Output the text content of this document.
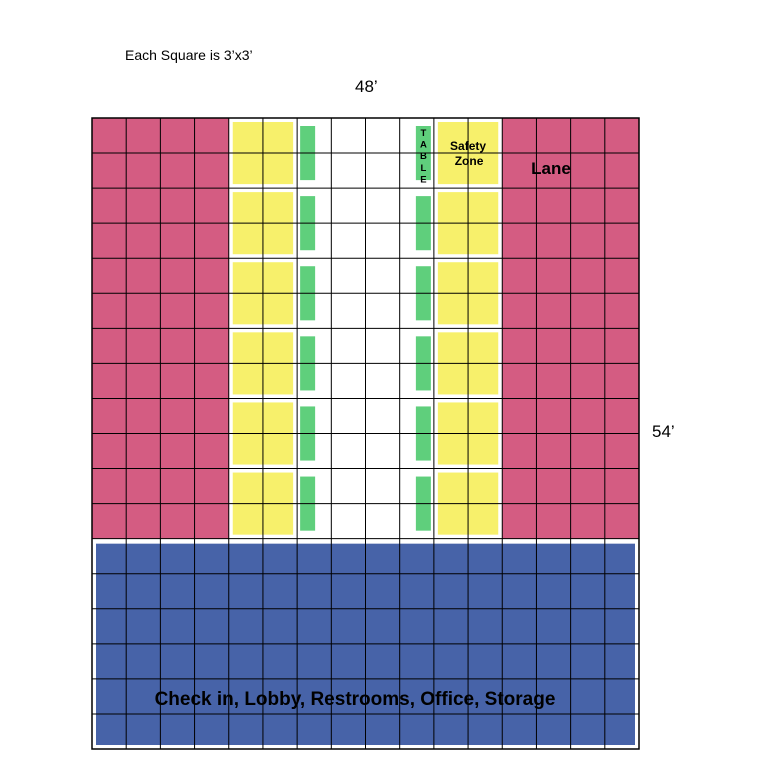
Each Square is 3’x3’
48’
54’
T
A
B
L
E
Safety
Zone	Lane
Check in, Lobby, Restrooms, Office, Storage
